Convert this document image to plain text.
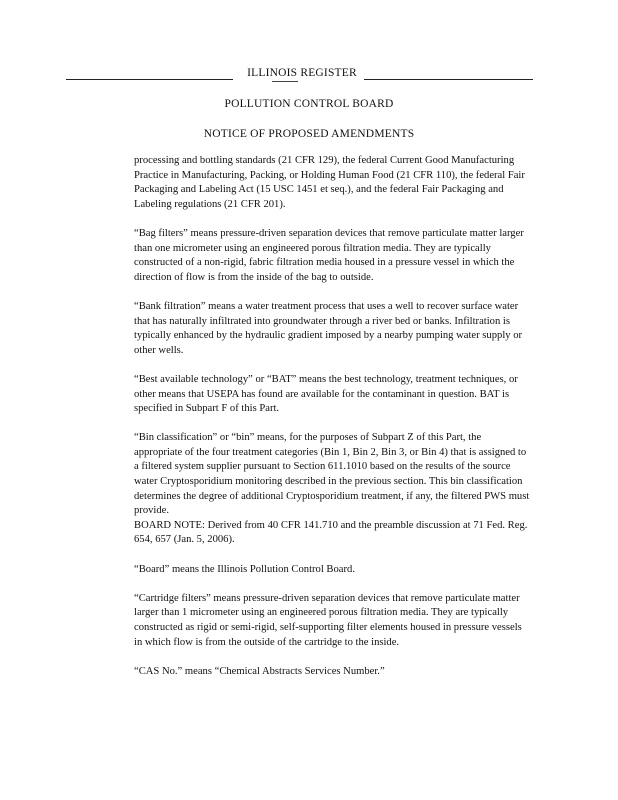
ILLINOIS REGISTER
POLLUTION CONTROL BOARD
NOTICE OF PROPOSED AMENDMENTS

processing and bottling standards (21 CFR 129), the federal Current Good Manufacturing Practice in Manufacturing, Packing, or Holding Human Food (21 CFR 110), the federal Fair Packaging and Labeling Act (15 USC 1451 et seq.), and the federal Fair Packaging and Labeling regulations (21 CFR 201).

“Bag filters” means pressure-driven separation devices that remove particulate matter larger than one micrometer using an engineered porous filtration media. They are typically constructed of a non-rigid, fabric filtration media housed in a pressure vessel in which the direction of flow is from the inside of the bag to outside.

“Bank filtration” means a water treatment process that uses a well to recover surface water that has naturally infiltrated into groundwater through a river bed or banks. Infiltration is typically enhanced by the hydraulic gradient imposed by a nearby pumping water supply or other wells.

“Best available technology” or “BAT” means the best technology, treatment techniques, or other means that USEPA has found are available for the contaminant in question. BAT is specified in Subpart F of this Part.

“Bin classification” or “bin” means, for the purposes of Subpart Z of this Part, the appropriate of the four treatment categories (Bin 1, Bin 2, Bin 3, or Bin 4) that is assigned to a filtered system supplier pursuant to Section 611.1010 based on the results of the source water Cryptosporidium monitoring described in the previous section. This bin classification determines the degree of additional Cryptosporidium treatment, if any, the filtered PWS must provide.

BOARD NOTE: Derived from 40 CFR 141.710 and the preamble discussion at 71 Fed. Reg. 654, 657 (Jan. 5, 2006).

“Board” means the Illinois Pollution Control Board.

“Cartridge filters” means pressure-driven separation devices that remove particulate matter larger than 1 micrometer using an engineered porous filtration media. They are typically constructed as rigid or semi-rigid, self-supporting filter elements housed in pressure vessels in which flow is from the outside of the cartridge to the inside.

“CAS No.” means “Chemical Abstracts Services Number.”
